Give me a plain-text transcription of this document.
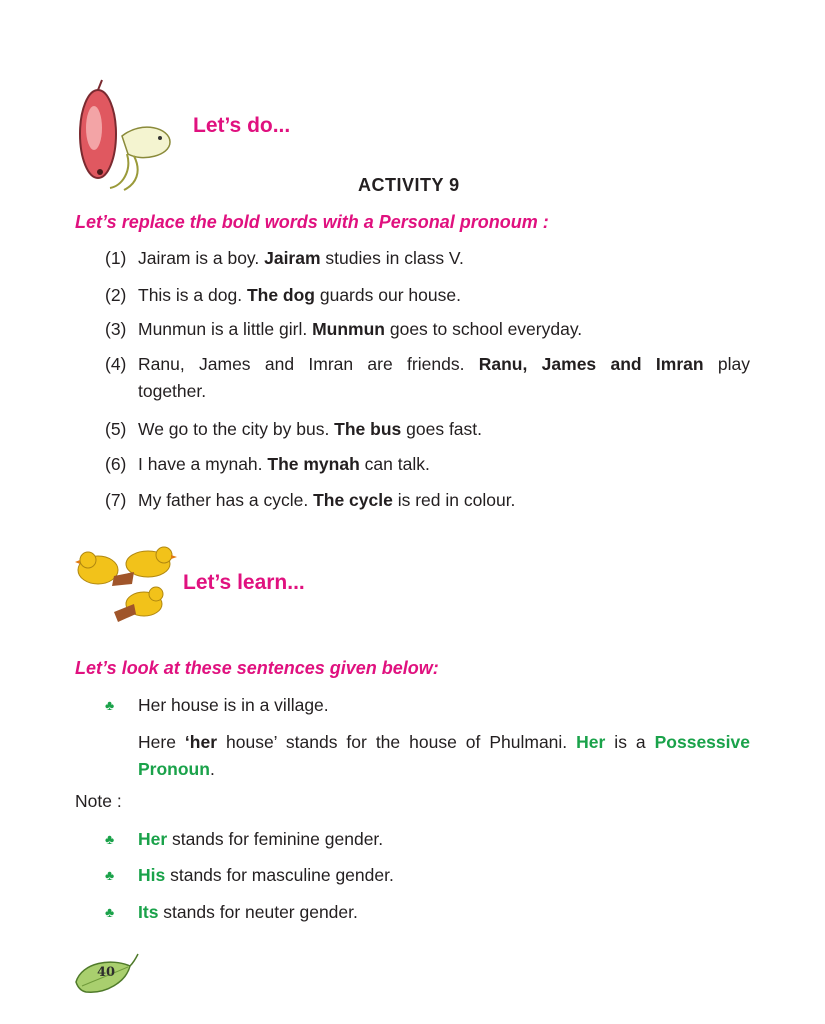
Let’s do...
ACTIVITY 9
Let’s replace the bold words with a Personal pronoum :
(1) Jairam is a boy. Jairam studies in class V.
(2) This is a dog. The dog guards our house.
(3) Munmun is a little girl. Munmun goes to school everyday.
(4) Ranu, James and Imran are friends. Ranu, James and Imran play
together.
(5) We go to the city by bus. The bus goes fast.
(6) I have a mynah. The mynah can talk.
(7) My father has a cycle. The cycle is red in colour.
Let’s learn...
Let’s look at these sentences given below:
♣ Her house is in a village.
Here ‘her house’ stands for the house of Phulmani. Her is a Possessive
Pronoun.
Note :
♣ Her stands for feminine gender.
♣ His stands for masculine gender.
♣ Its stands for neuter gender.
40
